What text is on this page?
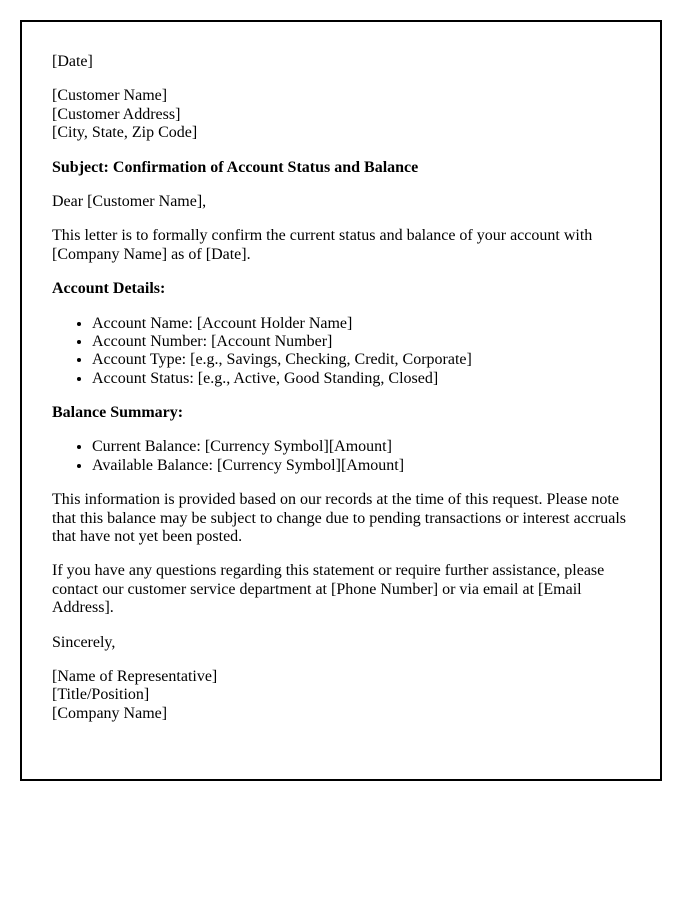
[Date]

[Customer Name]
[Customer Address]
[City, State, Zip Code]

Subject: Confirmation of Account Status and Balance

Dear [Customer Name],

This letter is to formally confirm the current status and balance of your account with [Company Name] as of [Date].

Account Details:

• Account Name: [Account Holder Name]
• Account Number: [Account Number]
• Account Type: [e.g., Savings, Checking, Credit, Corporate]
• Account Status: [e.g., Active, Good Standing, Closed]

Balance Summary:

• Current Balance: [Currency Symbol][Amount]
• Available Balance: [Currency Symbol][Amount]

This information is provided based on our records at the time of this request. Please note that this balance may be subject to change due to pending transactions or interest accruals that have not yet been posted.

If you have any questions regarding this statement or require further assistance, please contact our customer service department at [Phone Number] or via email at [Email Address].

Sincerely,

[Name of Representative]
[Title/Position]
[Company Name]
